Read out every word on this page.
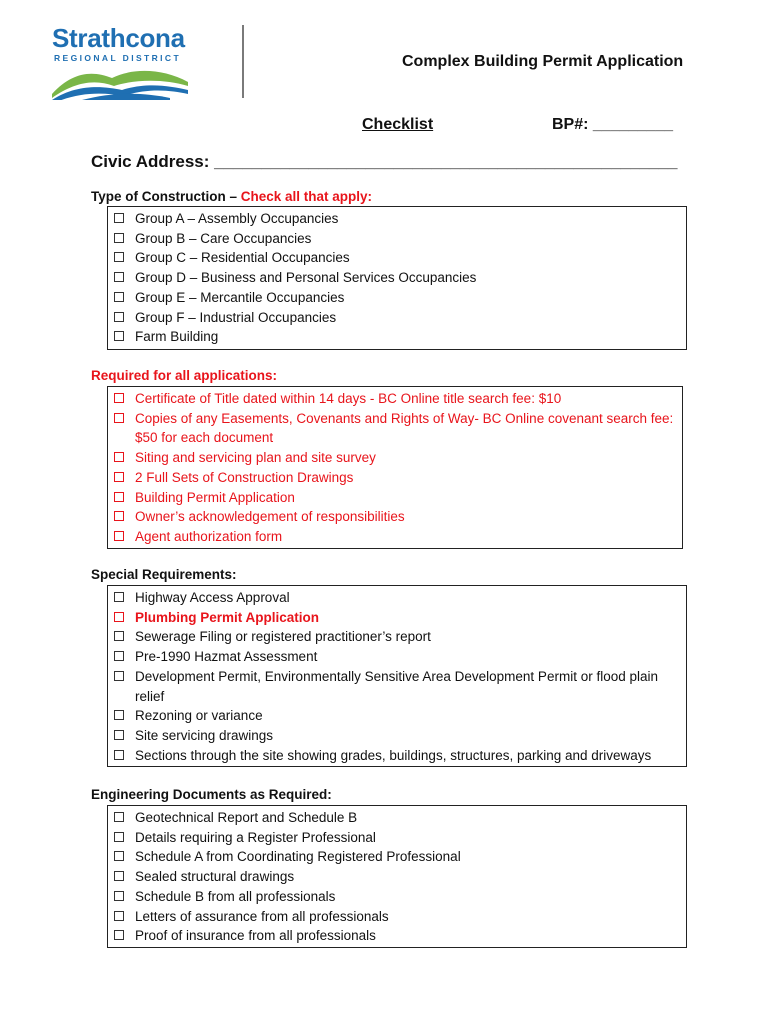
Strathcona
REGIONAL DISTRICT	Complex Building Permit Application
Checklist	BP#: _________
Civic Address: _________________________________________________
Type of Construction – Check all that apply:
Group A – Assembly Occupancies
Group B – Care Occupancies
Group C – Residential Occupancies
Group D – Business and Personal Services Occupancies
Group E – Mercantile Occupancies
Group F – Industrial Occupancies
Farm Building
Required for all applications:
Certificate of Title dated within 14 days - BC Online title search fee: $10
Copies of any Easements, Covenants and Rights of Way- BC Online covenant search fee: $50 for each document
Siting and servicing plan and site survey
2 Full Sets of Construction Drawings
Building Permit Application
Owner’s acknowledgement of responsibilities
Agent authorization form
Special Requirements:
Highway Access Approval
Plumbing Permit Application
Sewerage Filing or registered practitioner’s report
Pre-1990 Hazmat Assessment
Development Permit, Environmentally Sensitive Area Development Permit or flood plain relief
Rezoning or variance
Site servicing drawings
Sections through the site showing grades, buildings, structures, parking and driveways
Engineering Documents as Required:
Geotechnical Report and Schedule B
Details requiring a Register Professional
Schedule A from Coordinating Registered Professional
Sealed structural drawings
Schedule B from all professionals
Letters of assurance from all professionals
Proof of insurance from all professionals
